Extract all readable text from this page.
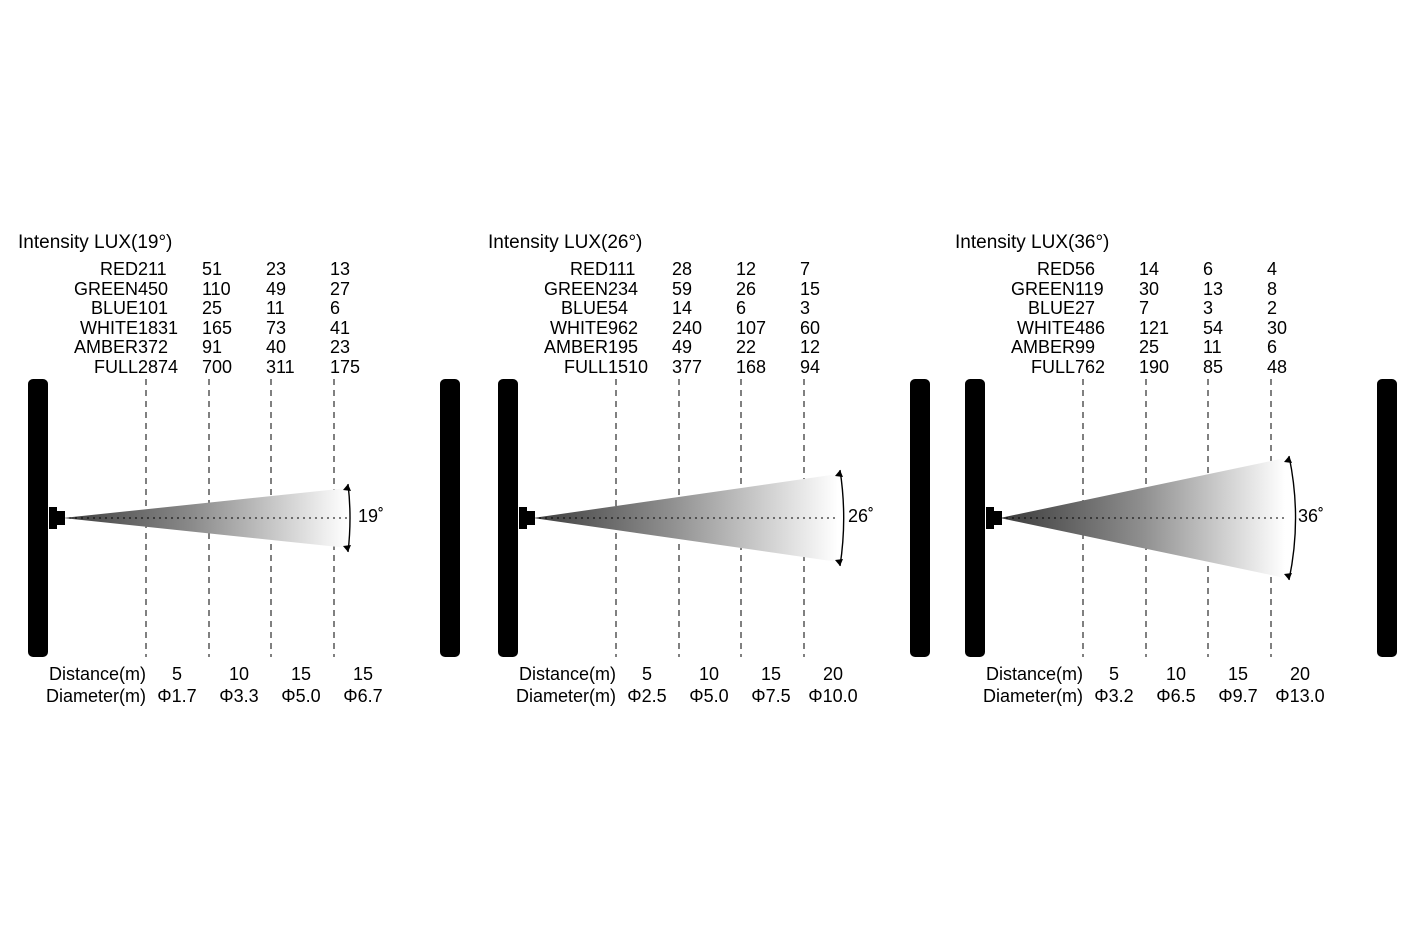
Intensity LUX(19°)
RED	211	51	23	13
GREEN	450	110	49	27
BLUE	101	25	11	6
WHITE	1831	165	73	41
AMBER	372	91	40	23
FULL	2874	700	311	175
19˚
Distance(m)	5	10	15	15
Diameter(m)	Φ1.7	Φ3.3	Φ5.0	Φ6.7
Intensity LUX(26°)
RED	111	28	12	7
GREEN	234	59	26	15
BLUE	54	14	6	3
WHITE	962	240	107	60
AMBER	195	49	22	12
FULL	1510	377	168	94
26˚
Distance(m)	5	10	15	20
Diameter(m)	Φ2.5	Φ5.0	Φ7.5	Φ10.0
Intensity LUX(36°)
RED	56	14	6	4
GREEN	119	30	13	8
BLUE	27	7	3	2
WHITE	486	121	54	30
AMBER	99	25	11	6
FULL	762	190	85	48
36˚
Distance(m)	5	10	15	20
Diameter(m)	Φ3.2	Φ6.5	Φ9.7	Φ13.0
